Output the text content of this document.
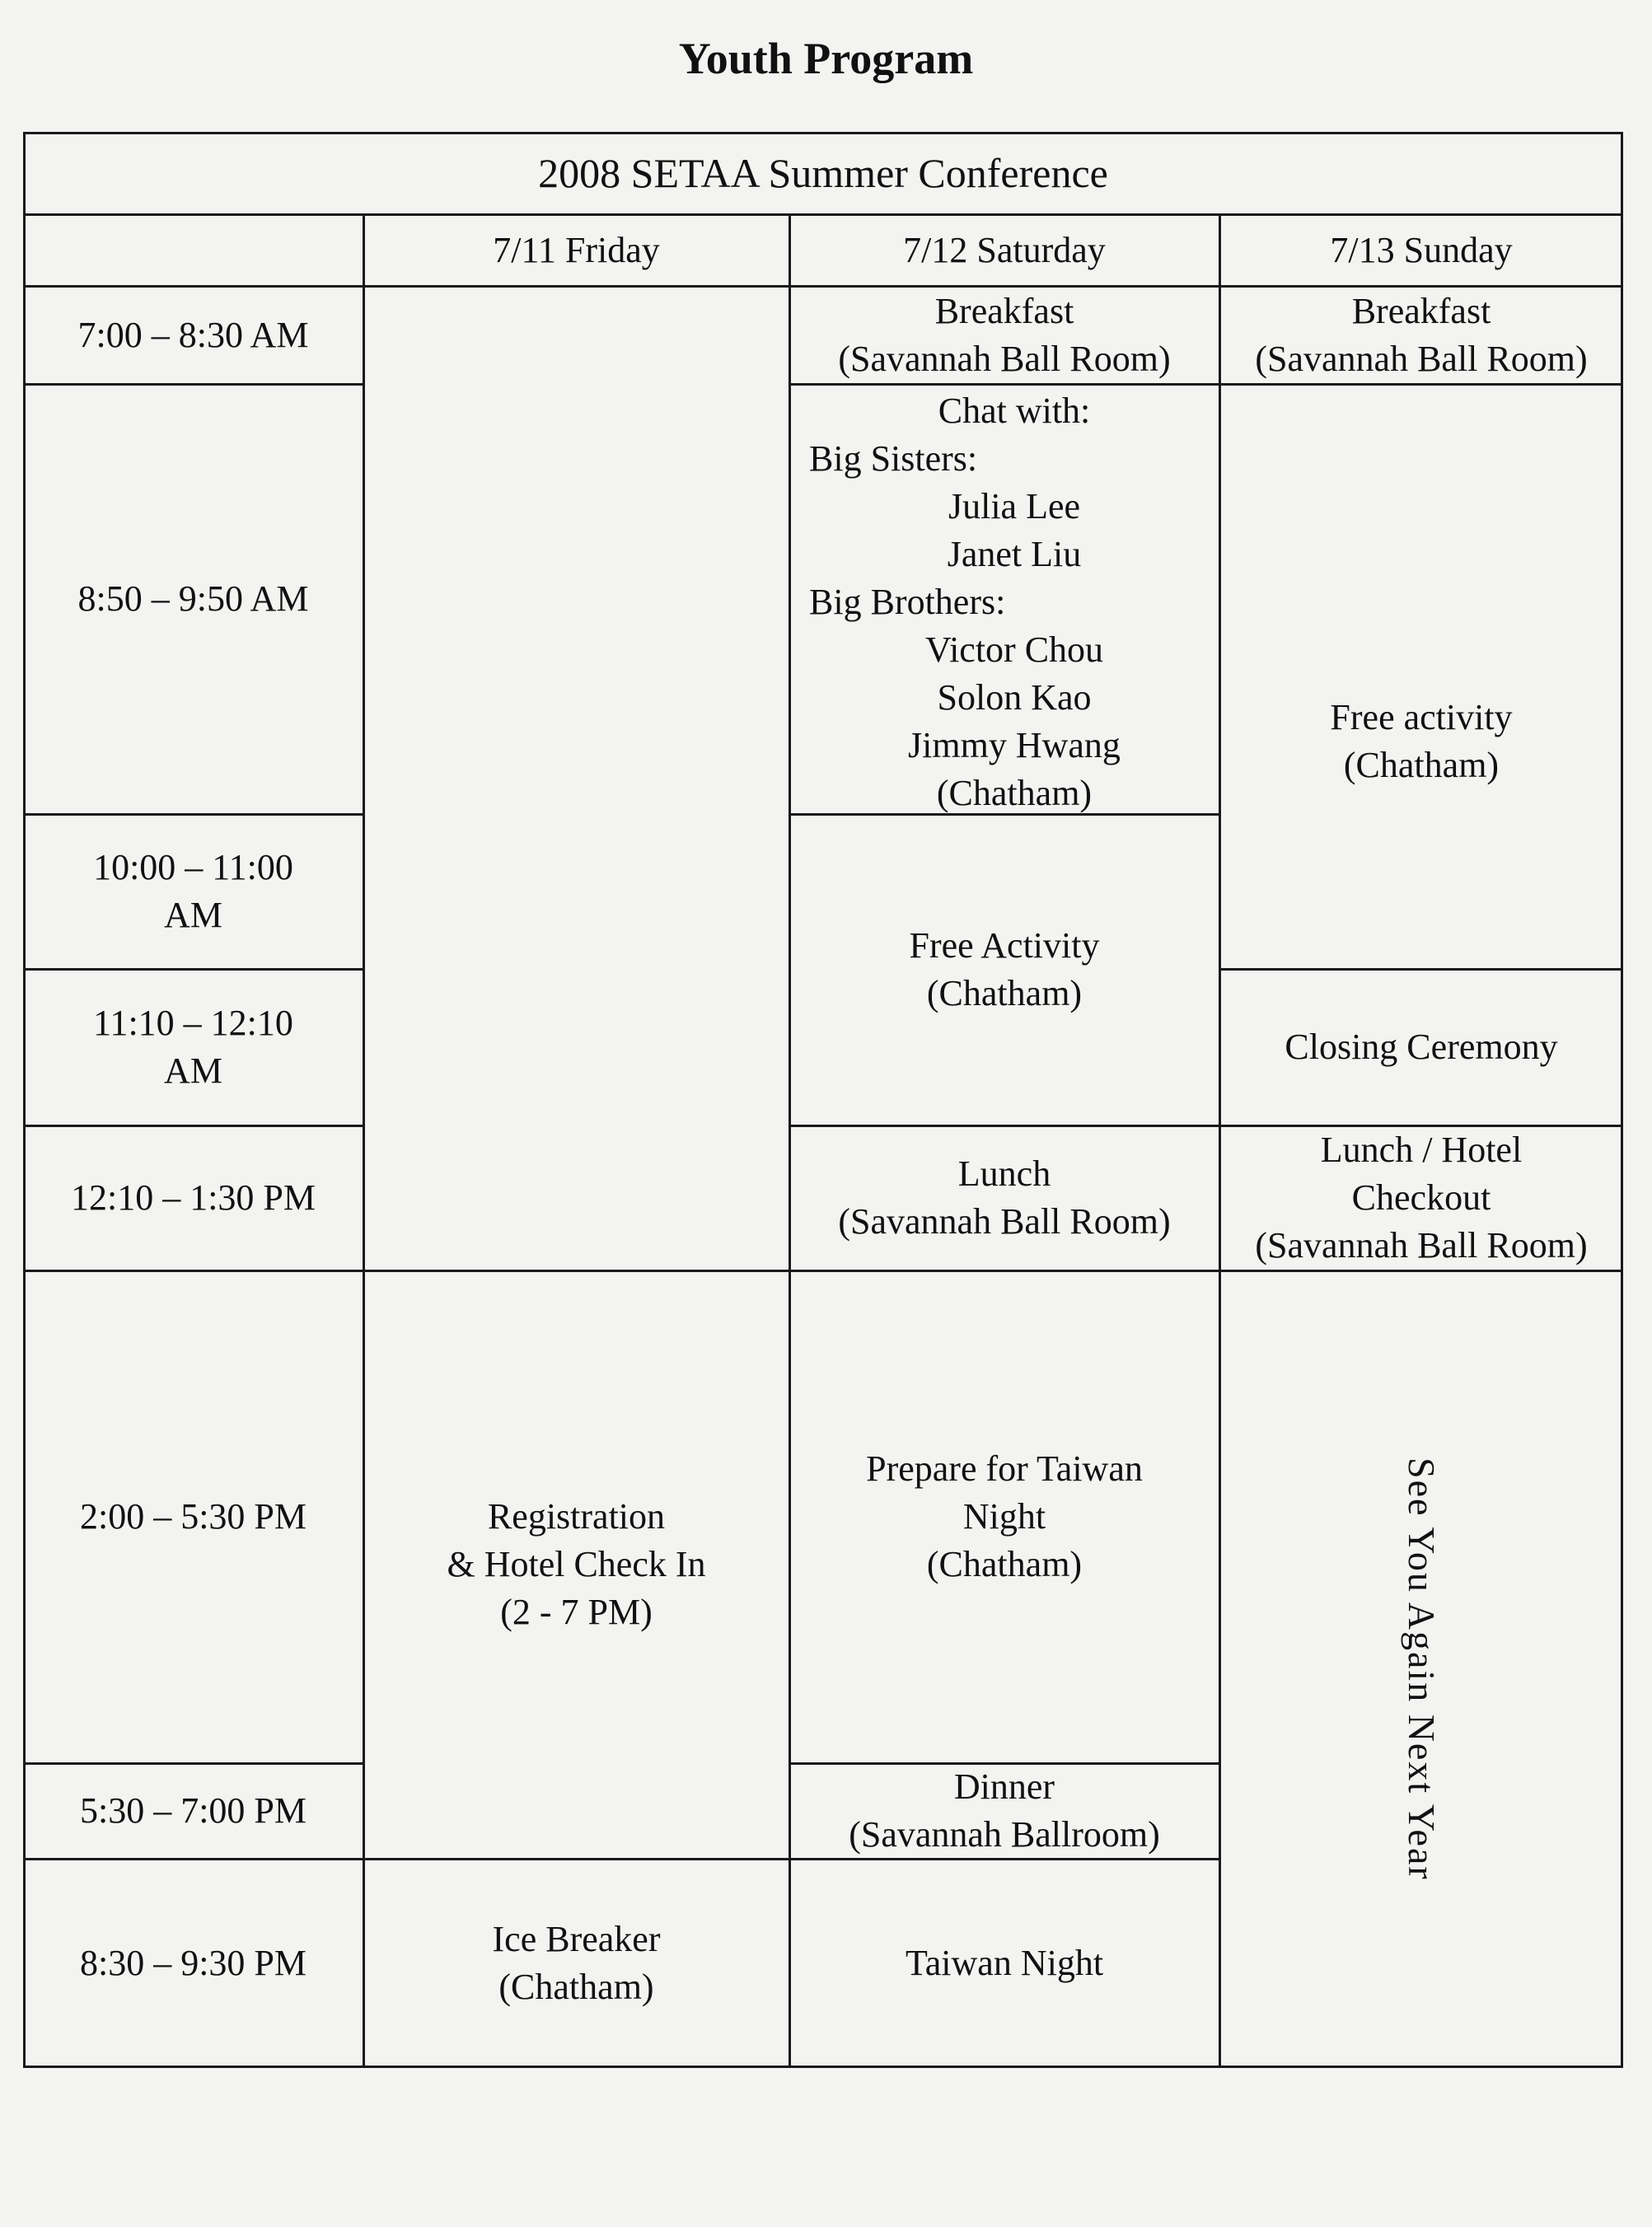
Youth Program
2008 SETAA Summer Conference
7/11 Friday	7/12 Saturday	7/13 Sunday
7:00 – 8:30 AM
8:50 – 9:50 AM
10:00 – 11:00
AM
11:10 – 12:10
AM
12:10 – 1:30 PM
2:00 – 5:30 PM
5:30 – 7:00 PM
8:30 – 9:30 PM
Registration
& Hotel Check In
(2 - 7 PM)
Ice Breaker
(Chatham)
Breakfast
(Savannah Ball Room)
Chat with:
Big Sisters:
Julia Lee
Janet Liu
Big Brothers:
Victor Chou
Solon Kao
Jimmy Hwang
(Chatham)
Free Activity
(Chatham)
Lunch
(Savannah Ball Room)
Prepare for Taiwan
Night
(Chatham)
Dinner
(Savannah Ballroom)
Taiwan Night
Breakfast
(Savannah Ball Room)
Free activity
(Chatham)
Closing Ceremony
Lunch / Hotel
Checkout
(Savannah Ball Room)
See You Again Next Year
